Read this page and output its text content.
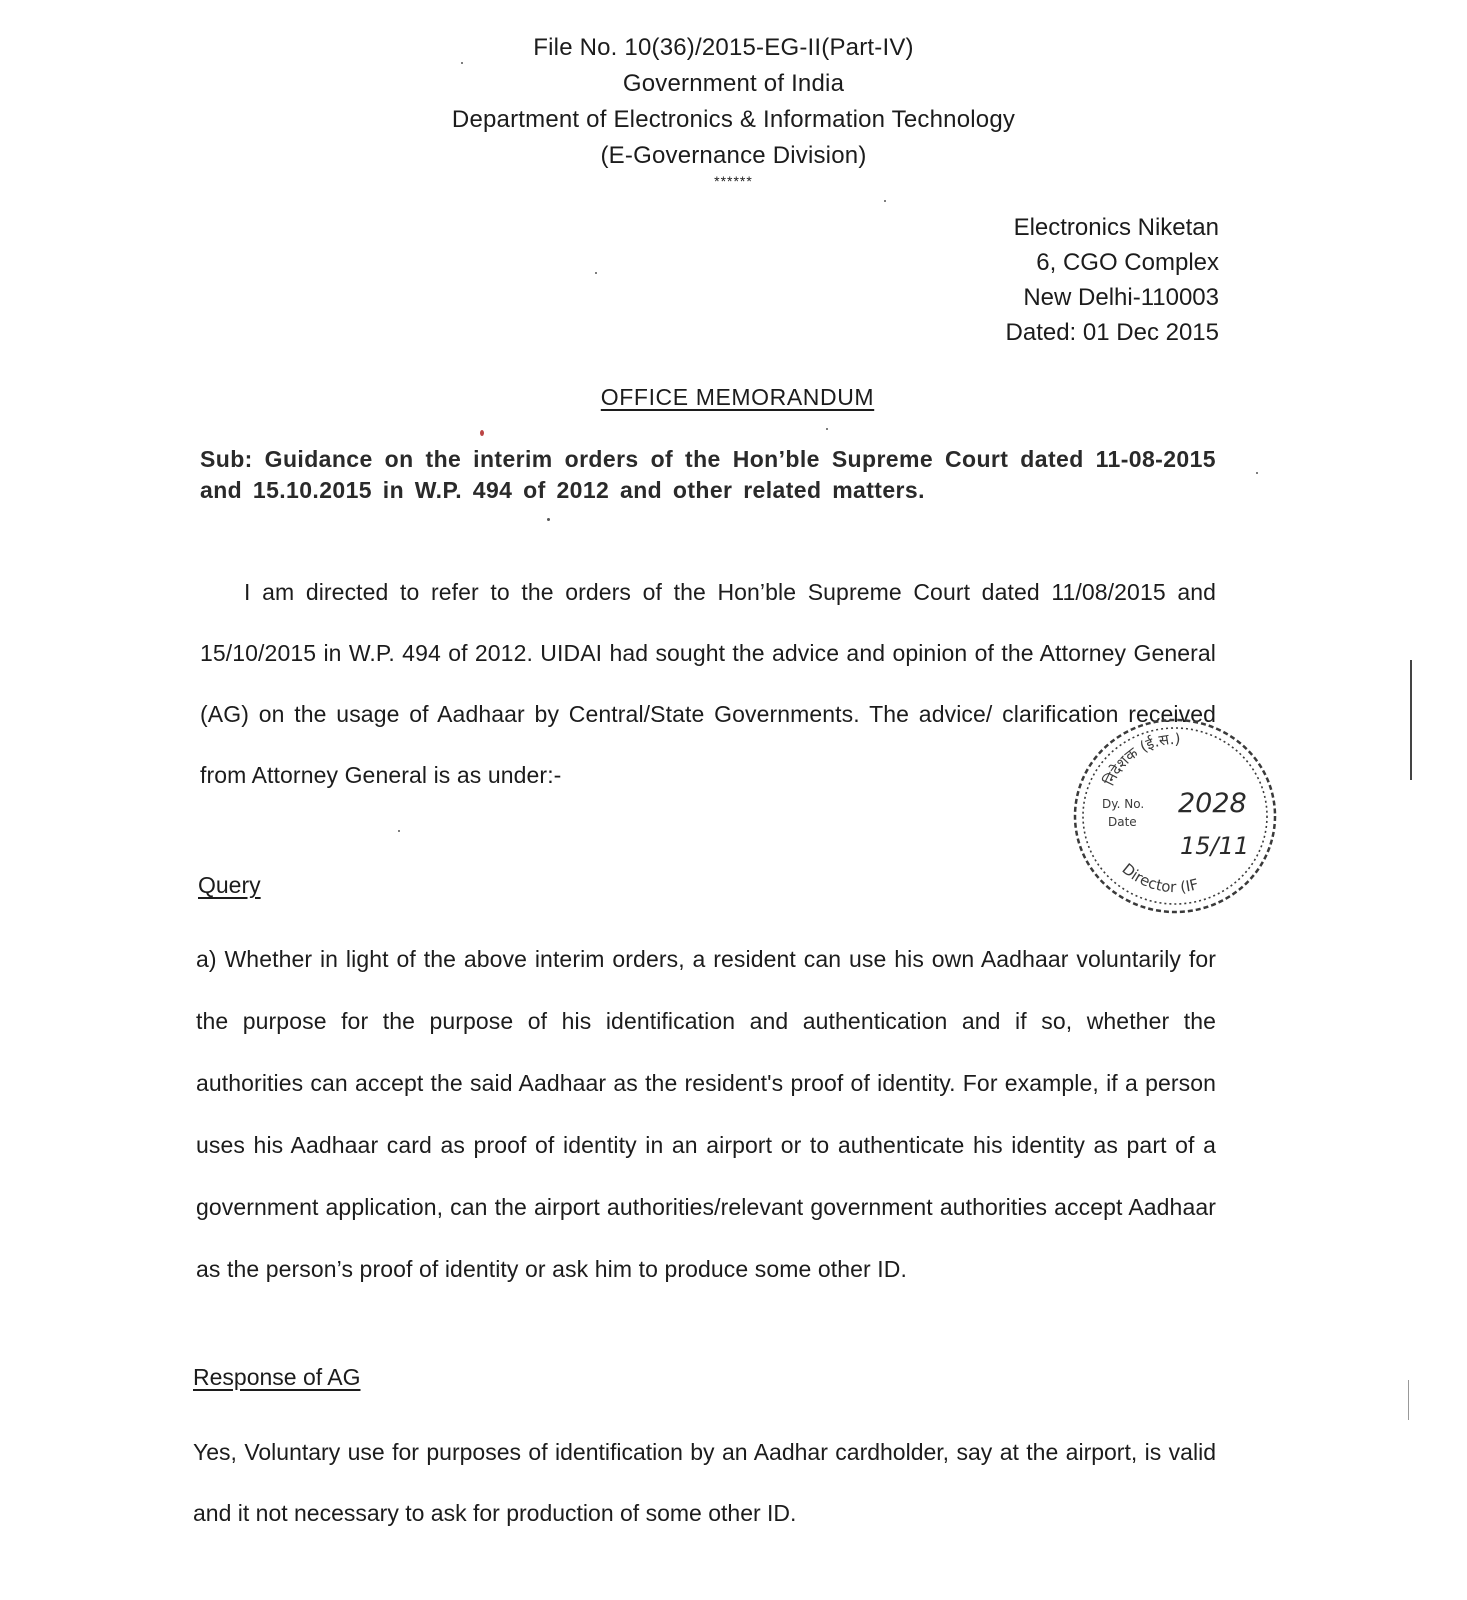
File No. 10(36)/2015-EG-II(Part-IV)
Government of India
Department of Electronics & Information Technology
(E-Governance Division)
******
Electronics Niketan
6, CGO Complex
New Delhi-110003
Dated: 01 Dec 2015
OFFICE MEMORANDUM
Sub: Guidance on the interim orders of the Hon’ble Supreme Court dated 11-08-2015 and 15.10.2015 in W.P. 494 of 2012 and other related matters.
I am directed to refer to the orders of the Hon’ble Supreme Court dated 11/08/2015 and 15/10/2015 in W.P. 494 of 2012. UIDAI had sought the advice and opinion of the Attorney General (AG) on the usage of Aadhaar by Central/State Governments. The advice/ clarification received from Attorney General is as under:-
Query
a) Whether in light of the above interim orders, a resident can use his own Aadhaar voluntarily for the purpose for the purpose of his identification and authentication and if so, whether the authorities can accept the said Aadhaar as the resident's proof of identity. For example, if a person uses his Aadhaar card as proof of identity in an airport or to authenticate his identity as part of a government application, can the airport authorities/relevant government authorities accept Aadhaar as the person’s proof of identity or ask him to produce some other ID.
Response of AG
Yes, Voluntary use for purposes of identification by an Aadhar cardholder, say at the airport, is valid and it not necessary to ask for production of some other ID.
निदेशक (ई.स.)
Dy. No.
Date
2028
15/11
Director (IF
